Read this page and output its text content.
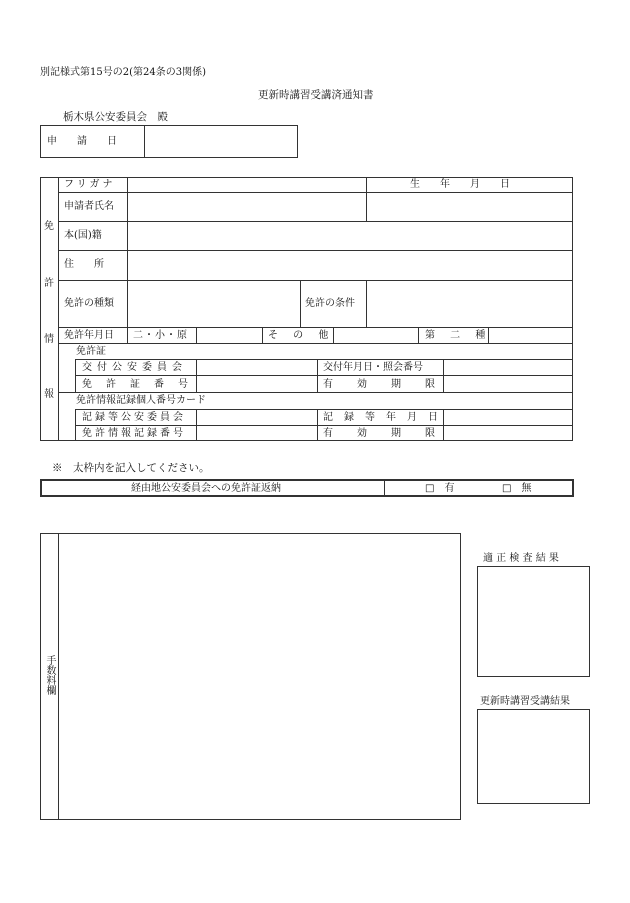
別記様式第15号の2(第24条の3関係)
更新時講習受講済通知書
栃木県公安委員会　殿
申　　請　　日
免
許
情
報
フリガナ	生　　年　　月　　日
申請者氏名
本(国)籍
住　　所
免許の種類	免許の条件
免許年月日 二・小・原	そ の 他	第 二 種
免許証
交付公安委員会	交付年月日・照会番号
免許証番号	有効期限
免許情報記録個人番号カード
記録等公安委員会	記録等年月日
免許情報記録番号	有効期限
※　太枠内を記入してください。
経由地公安委員会への免許証返納	□　有	□　無
手数料欄
適 正 検 査 結 果
更新時講習受講結果
